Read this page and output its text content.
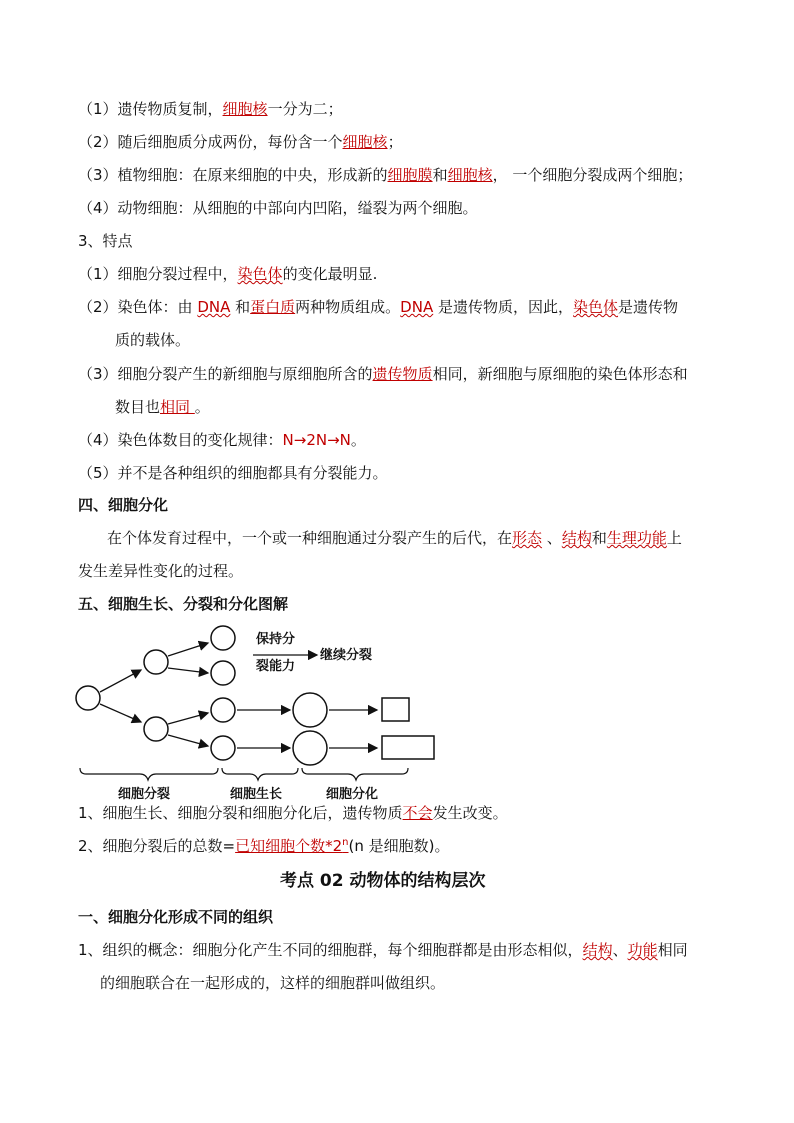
（1）遗传物质复制，细胞核一分为二；
（2）随后细胞质分成两份，每份含一个细胞核；
（3）植物细胞：在原来细胞的中央，形成新的细胞膜和细胞核， 一个细胞分裂成两个细胞；
（4）动物细胞：从细胞的中部向内凹陷，缢裂为两个细胞。
3、特点
（1）细胞分裂过程中，染色体的变化最明显.
（2）染色体：由 DNA 和蛋白质两种物质组成。DNA 是遗传物质，因此，染色体是遗传物
质的载体。
（3）细胞分裂产生的新细胞与原细胞所含的遗传物质相同，新细胞与原细胞的染色体形态和
数目也相同 。
（4）染色体数目的变化规律：N→2N→N。
（5）并不是各种组织的细胞都具有分裂能力。
四、细胞分化
在个体发育过程中，一个或一种细胞通过分裂产生的后代，在形态 、结构和生理功能上
发生差异性变化的过程。
五、细胞生长、分裂和分化图解
保持分
裂能力
继续分裂
细胞分裂	细胞生长	细胞分化
1、细胞生长、细胞分裂和细胞分化后，遗传物质不会发生改变。
2、细胞分裂后的总数=已知细胞个数*2$^n$(n 是细胞数)。
考点 02 动物体的结构层次
一、细胞分化形成不同的组织
1、组织的概念：细胞分化产生不同的细胞群，每个细胞群都是由形态相似，结构、功能相同
的细胞联合在一起形成的，这样的细胞群叫做组织。
